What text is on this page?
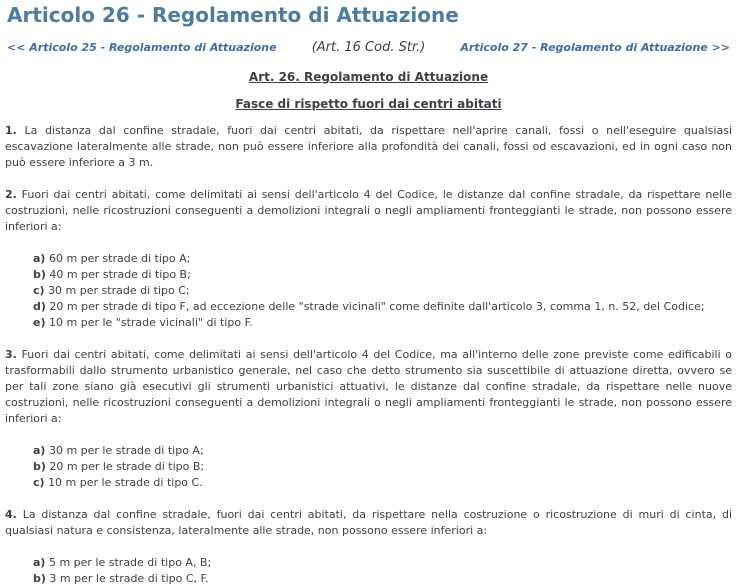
Articolo 26 - Regolamento di Attuazione
<< Articolo 25 - Regolamento di Attuazione	(Art. 16 Cod. Str.)	Articolo 27 - Regolamento di Attuazione >>
Art. 26. Regolamento di Attuazione
Fasce di rispetto fuori dai centri abitati

1. La distanza dal confine stradale, fuori dai centri abitati, da rispettare nell'aprire canali, fossi o nell'eseguire qualsiasi escavazione lateralmente alle strade, non può essere inferiore alla profondità dei canali, fossi od escavazioni, ed in ogni caso non può essere inferiore a 3 m.

2. Fuori dai centri abitati, come delimitati ai sensi dell'articolo 4 del Codice, le distanze dal confine stradale, da rispettare nelle costruzioni, nelle ricostruzioni conseguenti a demolizioni integrali o negli ampliamenti fronteggianti le strade, non possono essere inferiori a:

a) 60 m per strade di tipo A;
b) 40 m per strade di tipo B;
c) 30 m per strade di tipo C;
d) 20 m per strade di tipo F, ad eccezione delle "strade vicinali" come definite dall'articolo 3, comma 1, n. 52, del Codice;
e) 10 m per le "strade vicinali" di tipo F.

3. Fuori dai centri abitati, come delimitati ai sensi dell'articolo 4 del Codice, ma all'interno delle zone previste come edificabili o trasformabili dallo strumento urbanistico generale, nel caso che detto strumento sia suscettibile di attuazione diretta, ovvero se per tali zone siano già esecutivi gli strumenti urbanistici attuativi, le distanze dal confine stradale, da rispettare nelle nuove costruzioni, nelle ricostruzioni conseguenti a demolizioni integrali o negli ampliamenti fronteggianti le strade, non possono essere inferiori a:

a) 30 m per le strade di tipo A;
b) 20 m per le strade di tipo B;
c) 10 m per le strade di tipo C.

4. La distanza dal confine stradale, fuori dai centri abitati, da rispettare nella costruzione o ricostruzione di muri di cinta, di qualsiasi natura e consistenza, lateralmente alle strade, non possono essere inferiori a:

a) 5 m per le strade di tipo A, B;
b) 3 m per le strade di tipo C, F.
